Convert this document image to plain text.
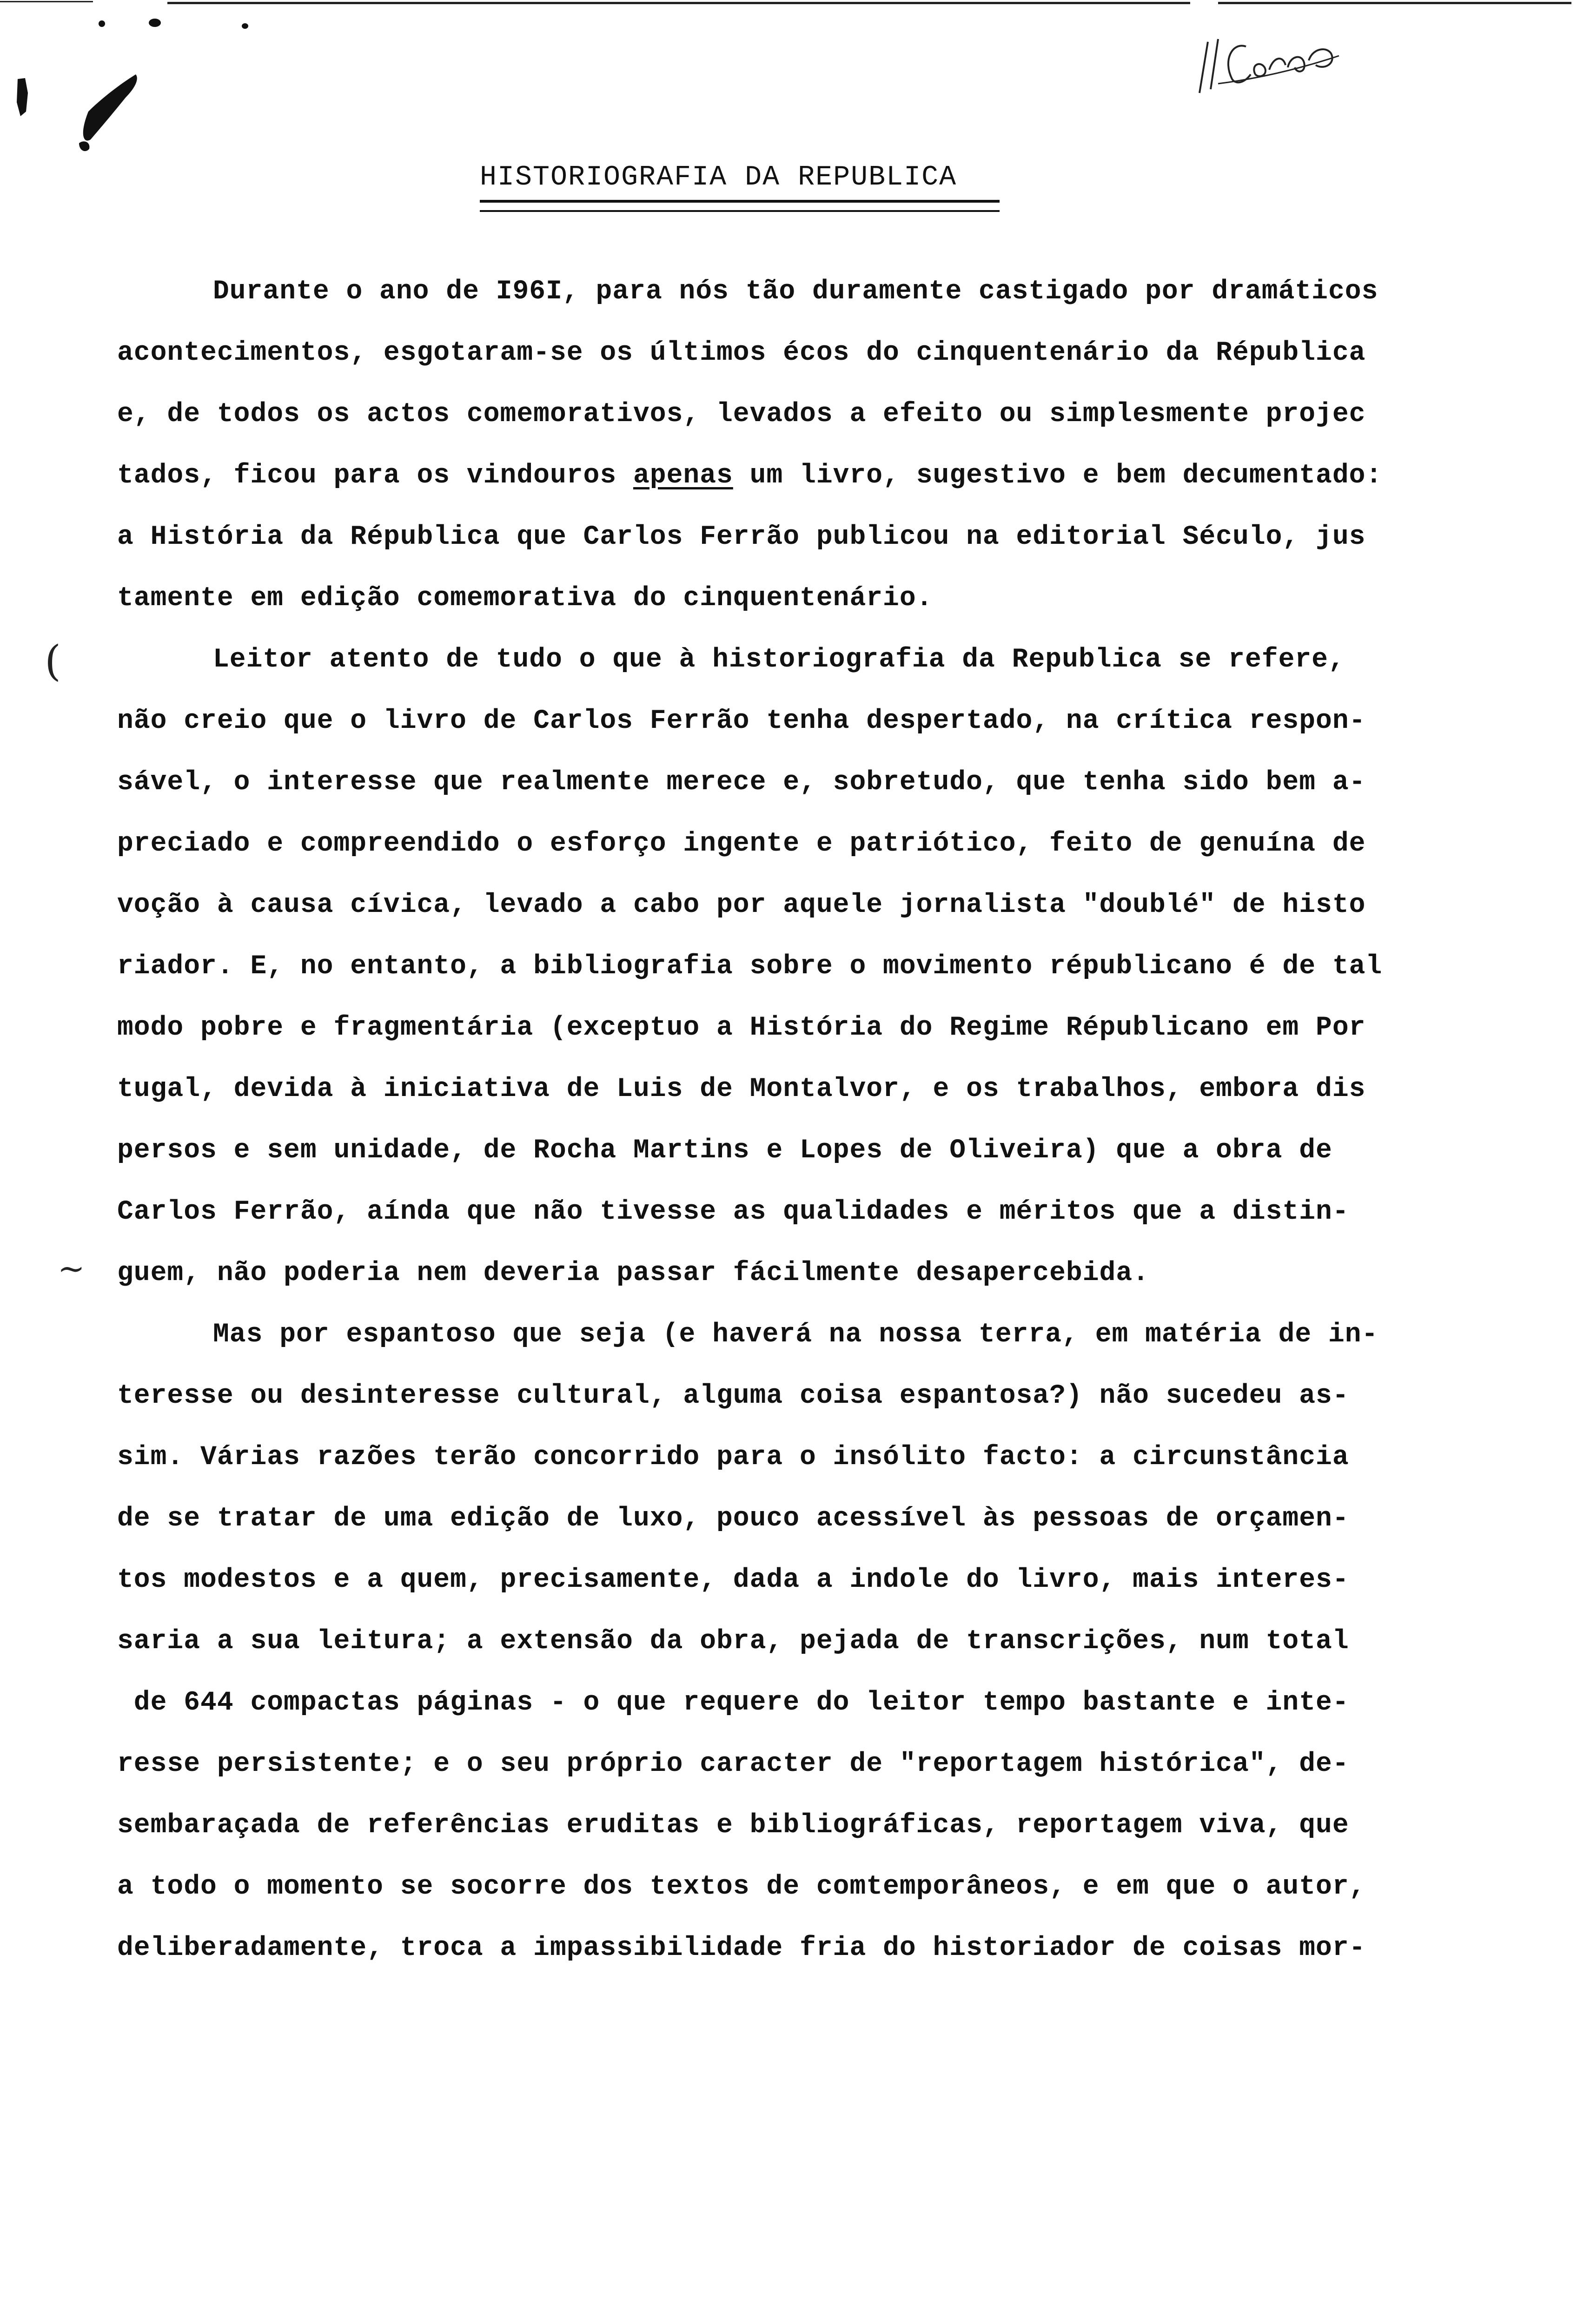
HISTORIOGRAFIA DA REPUBLICA
(
~
Durante o ano de I96I, para nós tão duramente castigado por dramáticos
acontecimentos, esgotaram-se os últimos écos do cinquentenário da Républica
e, de todos os actos comemorativos, levados a efeito ou simplesmente projec
tados, ficou para os vindouros apenas um livro, sugestivo e bem decumentado:
a História da Républica que Carlos Ferrão publicou na editorial Século, jus
tamente em edição comemorativa do cinquentenário.
Leitor atento de tudo o que à historiografia da Republica se refere,
não creio que o livro de Carlos Ferrão tenha despertado, na crítica respon-
sável, o interesse que realmente merece e, sobretudo, que tenha sido bem a-
preciado e compreendido o esforço ingente e patriótico, feito de genuína de
voção à causa cívica, levado a cabo por aquele jornalista "doublé" de histo
riador. E, no entanto, a bibliografia sobre o movimento républicano é de tal
modo pobre e fragmentária (exceptuo a História do Regime Républicano em Por
tugal, devida à iniciativa de Luis de Montalvor, e os trabalhos, embora dis
persos e sem unidade, de Rocha Martins e Lopes de Oliveira) que a obra de
Carlos Ferrão, aínda que não tivesse as qualidades e méritos que a distin-
guem, não poderia nem deveria passar fácilmente desapercebida.
Mas por espantoso que seja (e haverá na nossa terra, em matéria de in-
teresse ou desinteresse cultural, alguma coisa espantosa?) não sucedeu as-
sim. Várias razões terão concorrido para o insólito facto: a circunstância
de se tratar de uma edição de luxo, pouco acessível às pessoas de orçamen-
tos modestos e a quem, precisamente, dada a indole do livro, mais interes-
saria a sua leitura; a extensão da obra, pejada de transcrições, num total
de 644 compactas páginas - o que requere do leitor tempo bastante e inte-
resse persistente; e o seu próprio caracter de "reportagem histórica", de-
sembaraçada de referências eruditas e bibliográficas, reportagem viva, que
a todo o momento se socorre dos textos de comtemporâneos, e em que o autor,
deliberadamente, troca a impassibilidade fria do historiador de coisas mor-
